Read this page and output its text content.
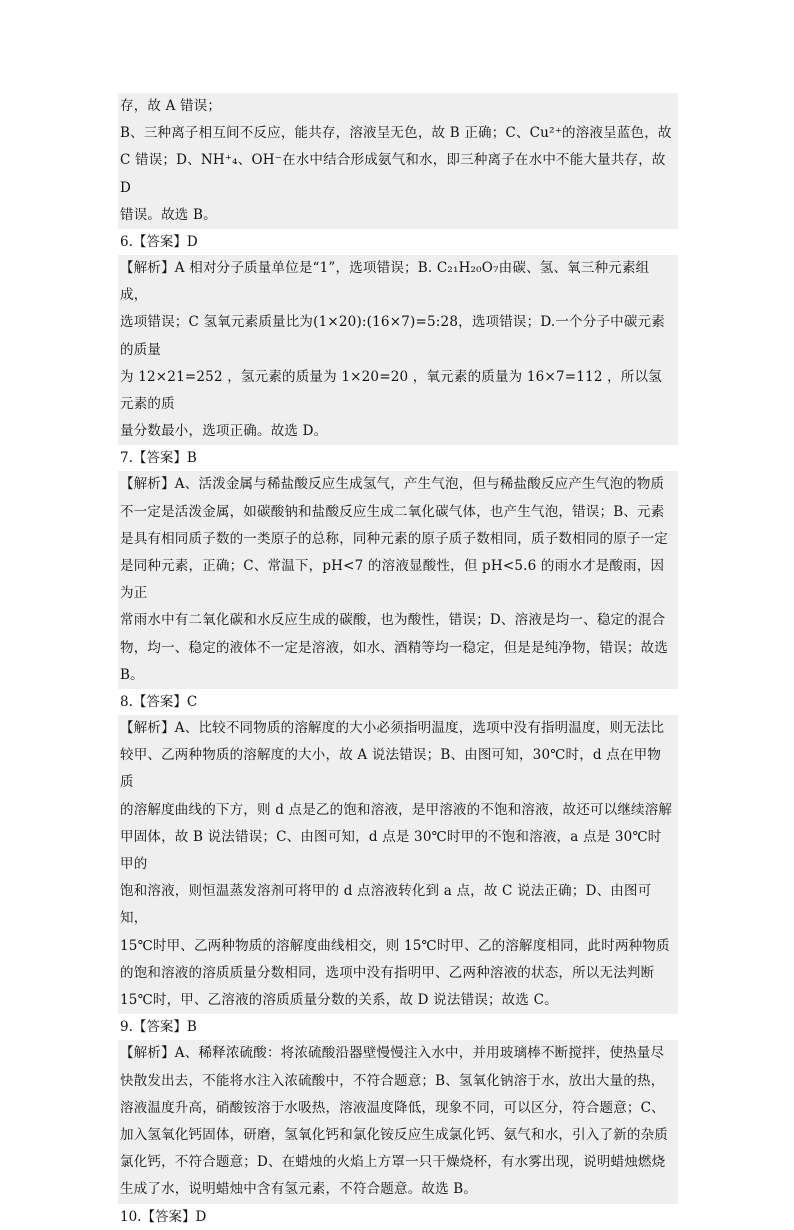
存，故 A 错误；

B、三种离子相互间不反应，能共存，溶液呈无色，故 B 正确；C、Cu²⁺的溶液呈蓝色，故

C 错误；D、NH⁺₄、OH⁻在水中结合形成氨气和水，即三种离子在水中不能大量共存，故 D

错误。故选 B。

6.【答案】D

【解析】A 相对分子质量单位是“1”，选项错误；B. C₂₁H₂₀O₇由碳、氢、氧三种元素组成，

选项错误；C 氢氧元素质量比为(1×20):(16×7)=5:28，选项错误；D.一个分子中碳元素的质量

为 12×21=252 ，氢元素的质量为 1×20=20 ，氧元素的质量为 16×7=112 ，所以氢元素的质

量分数最小，选项正确。故选 D。

7.【答案】B

【解析】A、活泼金属与稀盐酸反应生成氢气，产生气泡，但与稀盐酸反应产生气泡的物质

不一定是活泼金属，如碳酸钠和盐酸反应生成二氧化碳气体，也产生气泡，错误；B、元素

是具有相同质子数的一类原子的总称，同种元素的原子质子数相同，质子数相同的原子一定

是同种元素，正确；C、常温下，pH<7 的溶液显酸性，但 pH<5.6 的雨水才是酸雨，因为正

常雨水中有二氧化碳和水反应生成的碳酸，也为酸性，错误；D、溶液是均一、稳定的混合

物，均一、稳定的液体不一定是溶液，如水、酒精等均一稳定，但是是纯净物，错误；故选

B。

8.【答案】C

【解析】A、比较不同物质的溶解度的大小必须指明温度，选项中没有指明温度，则无法比

较甲、乙两种物质的溶解度的大小，故 A 说法错误；B、由图可知，30℃时，d 点在甲物质

的溶解度曲线的下方，则 d 点是乙的饱和溶液，是甲溶液的不饱和溶液，故还可以继续溶解

甲固体，故 B 说法错误；C、由图可知，d 点是 30℃时甲的不饱和溶液，a 点是 30℃时甲的

饱和溶液，则恒温蒸发溶剂可将甲的 d 点溶液转化到 a 点，故 C 说法正确；D、由图可知，

15℃时甲、乙两种物质的溶解度曲线相交，则 15℃时甲、乙的溶解度相同，此时两种物质

的饱和溶液的溶质质量分数相同，选项中没有指明甲、乙两种溶液的状态，所以无法判断

15℃时，甲、乙溶液的溶质质量分数的关系，故 D 说法错误；故选 C。

9.【答案】B

【解析】A、稀释浓硫酸：将浓硫酸沿器壁慢慢注入水中，并用玻璃棒不断搅拌，使热量尽

快散发出去，不能将水注入浓硫酸中，不符合题意；B、氢氧化钠溶于水，放出大量的热，

溶液温度升高，硝酸铵溶于水吸热，溶液温度降低，现象不同，可以区分，符合题意；C、

加入氢氧化钙固体，研磨，氢氧化钙和氯化铵反应生成氯化钙、氨气和水，引入了新的杂质

氯化钙，不符合题意；D、在蜡烛的火焰上方罩一只干燥烧杯，有水雾出现，说明蜡烛燃烧

生成了水，说明蜡烛中含有氢元素，不符合题意。故选 B。

10.【答案】D
